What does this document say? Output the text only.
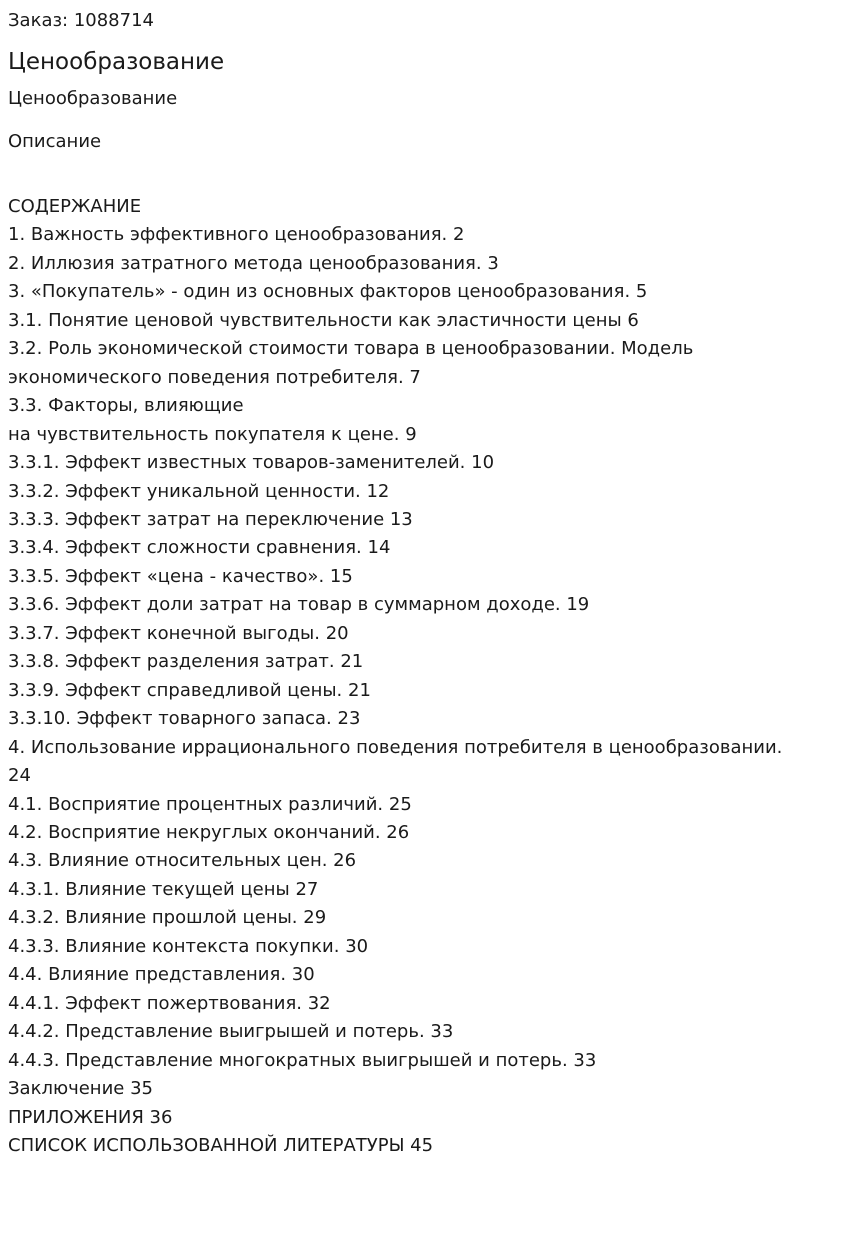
Заказ: 1088714
Ценообразование
Ценообразование
Описание
СОДЕРЖАНИЕ
1. Важность эффективного ценообразования. 2
2. Иллюзия затратного метода ценообразования. 3
3. «Покупатель» - один из основных факторов ценообразования. 5
3.1. Понятие ценовой чувствительности как эластичности цены 6
3.2. Роль экономической стоимости товара в ценообразовании. Модель
экономического поведения потребителя. 7
3.3. Факторы, влияющие
на чувствительность покупателя к цене. 9
3.3.1. Эффект известных товаров-заменителей. 10
3.3.2. Эффект уникальной ценности. 12
3.3.3. Эффект затрат на переключение 13
3.3.4. Эффект сложности сравнения. 14
3.3.5. Эффект «цена - качество». 15
3.3.6. Эффект доли затрат на товар в суммарном доходе. 19
3.3.7. Эффект конечной выгоды. 20
3.3.8. Эффект разделения затрат. 21
3.3.9. Эффект справедливой цены. 21
3.3.10. Эффект товарного запаса. 23
4. Использование иррационального поведения потребителя в ценообразовании.
24
4.1. Восприятие процентных различий. 25
4.2. Восприятие некруглых окончаний. 26
4.3. Влияние относительных цен. 26
4.3.1. Влияние текущей цены 27
4.3.2. Влияние прошлой цены. 29
4.3.3. Влияние контекста покупки. 30
4.4. Влияние представления. 30
4.4.1. Эффект пожертвования. 32
4.4.2. Представление выигрышей и потерь. 33
4.4.3. Представление многократных выигрышей и потерь. 33
Заключение 35
ПРИЛОЖЕНИЯ 36
СПИСОК ИСПОЛЬЗОВАННОЙ ЛИТЕРАТУРЫ 45
